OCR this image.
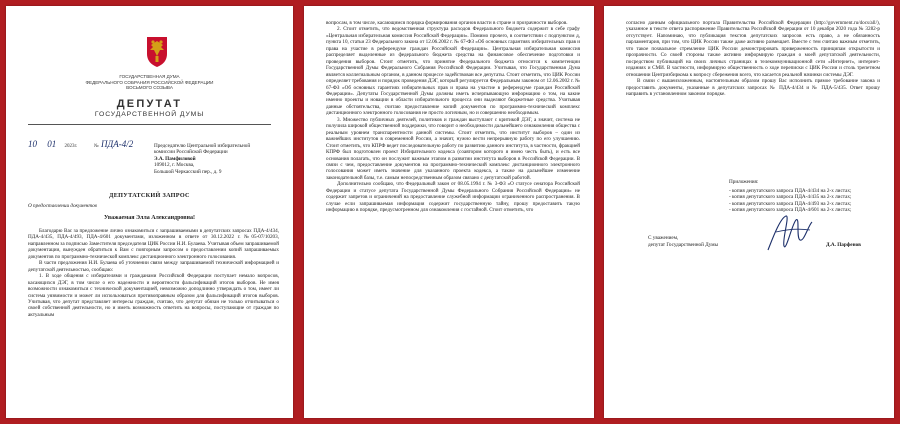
ГОСУДАРСТВЕННАЯ ДУМА
ФЕДЕРАЛЬНОГО СОБРАНИЯ РОССИЙСКОЙ ФЕДЕРАЦИИ
ВОСЬМОГО СОЗЫВА
ДЕПУТАТ
ГОСУДАРСТВЕННОЙ ДУМЫ
10 01 2023г.	№ ПДА-4/2	Председателю Центральной избирательной
комиссии Российской Федерации
Э.А. Памфиловой
109012, г. Москва,
Большой Черкасский пер., д. 9
ДЕПУТАТСКИЙ ЗАПРОС
О предоставлении документов
Уважаемая Элла Александровна!

Благодарю Вас за предложение лично ознакомиться с запрашиваемыми в депутатских запросах ПДА-4/434, ПДА-4/435, ПДА-4/493, ПДА-4/601 документами, изложенном в ответе от 30.12.2022 г. №05-07/10203, направленном за подписью Заместителя председателя ЦИК России Н.И. Булаева. Учитывая объем запрашиваемой документации, вынужден обратиться к Вам с повторным запросом о предоставлении копий запрашиваемых документов по программно-технической комплекс дистанционного электронного голосования.

В части предложения Н.И. Булаева об уточнении связи между запрашиваемой технической информацией и депутатской деятельностью, сообщаю:

1. В ходе общения с избирателями и гражданами Российской Федерации поступает немало вопросов, касающихся ДЭГ, в том числе о его надежности и вероятности фальсификаций итогов выборов. Не имея возможности ознакомиться с технической документацией, невозможно доподлинно утверждать о том, имеет ли система уязвимости и может ли использоваться противоправным образом для фальсификаций итогов выборов. Учитывая, что депутат представляет интересы граждан, считаю, что депутат обязан не только отчитываться о своей собственной деятельности, но и иметь возможность ответить на вопросы, поступающие от граждан по актуальным

вопросам, в том числе, касающимся порядка формирования органов власти в стране и прозрачности выборов.

2. Стоит отметить, что ведомственная структура расходов Федерального бюджета содержит в себе графу «Центральная избирательная комиссия Российской Федерации». Помимо прочего, в соответствии с подпунктом д, пункта 10, статьи 23 Федерального закона от 12.06.2002 г. № 67-ФЗ «Об основных гарантиях избирательных прав и права на участие в референдуме граждан Российской Федерации». Центральная избирательная комиссия распределяет выделенные из федерального бюджета средства на финансовое обеспечение подготовки и проведения выборов. Стоит отметить, что принятие Федерального бюджета относится к компетенции Государственной Думы Федерального Собрания Российской Федерации. Учитывая, что Государственная Дума является коллегиальным органом, в данном процессе задействован все депутаты. Стоит отметить, что ЦИК России определяет требования и порядок проведения ДЭГ, который регулируется Федеральным законом от 12.06.2002 г. № 67-ФЗ «Об основных гарантиях избирательных прав и права на участие в референдуме граждан Российской Федерации». Депутаты Государственной Думы должны иметь исчерпывающую информацию о том, на какие именно проекты и новации в области избирательного процесса они выделяют бюджетные средства. Учитывая данные обстоятельства, считаю предоставление копий документов по программно-технический комплекс дистанционного электронного голосования не просто логичным, но и совершенно необходимым.

3. Множество публичных деятелей, политиков и граждан выступают с критикой ДЭГ, а значит, система не получила широкой общественной поддержки, что говорит о необходимости дальнейшего ознакомления общества с реальным уровнем транспарентности данной системы. Стоит отметить, что институт выборов – один из важнейших институтов в современной России, а значит, нужно вести непрерывную работу по его улучшению. Стоит отметить, что КПРФ ведет последовательную работу по развитию данного института, в частности, фракцией КПРФ был подготовлен проект Избирательного кодекса (соавтором которого я имею честь быть), и есть все основания полагать, что он послужит важным этапом в развитии института выборов в Российской Федерации. В связи с чем, предоставление документов на программно-технический комплекс дистанционного электронного голосования может иметь значение для указанного проекта кодекса, а также на дальнейшее изменение законодательной базы, т.е. самым непосредственным образом связано с депутатской работой.

Дополнительно сообщаю, что Федеральный закон от 08.05.1994 г. № 3-ФЗ «О статусе сенатора Российской Федерации и статусе депутата Государственной Думы Федерального Собрания Российской Федерации» не содержит запретов и ограничений на предоставление служебной информации ограниченного распространения. В случае если запрашиваемая информация содержит государственную тайну, прошу предоставить такую информацию в порядке, предусмотренном для ознакомления с гостайной. Стоит отметить, что

согласно данным официального портала Правительства Российской Федерации (http://government.ru/docs/all/), указанное в тексте ответа распоряжение Правительства Российской Федерации от 10 декабря 2020 года № 3282-р отсутствует. Напоминаю, что публикация текстов депутатских запросов есть право, а не обязанность парламентария, при том, что ЦИК России также даже активно размещает. Вместе с тем считаю важным отметить, что такое похвальное стремление ЦИК России демонстрировать приверженность принципам открытости и прозрачности. Со своей стороны также активно информирую граждан о моей депутатской деятельности, посредством публикаций на своих личных страницах в телекоммуникационной сети «Интернет», интернет-изданиях и СМИ. В частности, информирую общественность о ходе переписки с ЦИК России и столь трепетном отношении Центризбиркома к вопросу сбережения всего, что касается реальной начинки системы ДЭГ.

В связи с вышеизложенным, настоятельным образом прошу Вас исполнить прямое требование закона и предоставить документы, указанные в депутатских запросах № ПДА-4/434 и № ПДА-5/435. Ответ прошу направить в установленном законом порядке.

Приложения:
- копия депутатского запроса ПДА-4/434 на 2-х листах;
- копия депутатского запроса ПДА-4/435 на 2-х листах;
- копия депутатского запроса ПДА-4/493 на 2-х листах;
- копия депутатского запроса ПДА-4/601 на 2-х листах;
С уважением,
депутат Государственной Думы	Д.А. Парфенов
